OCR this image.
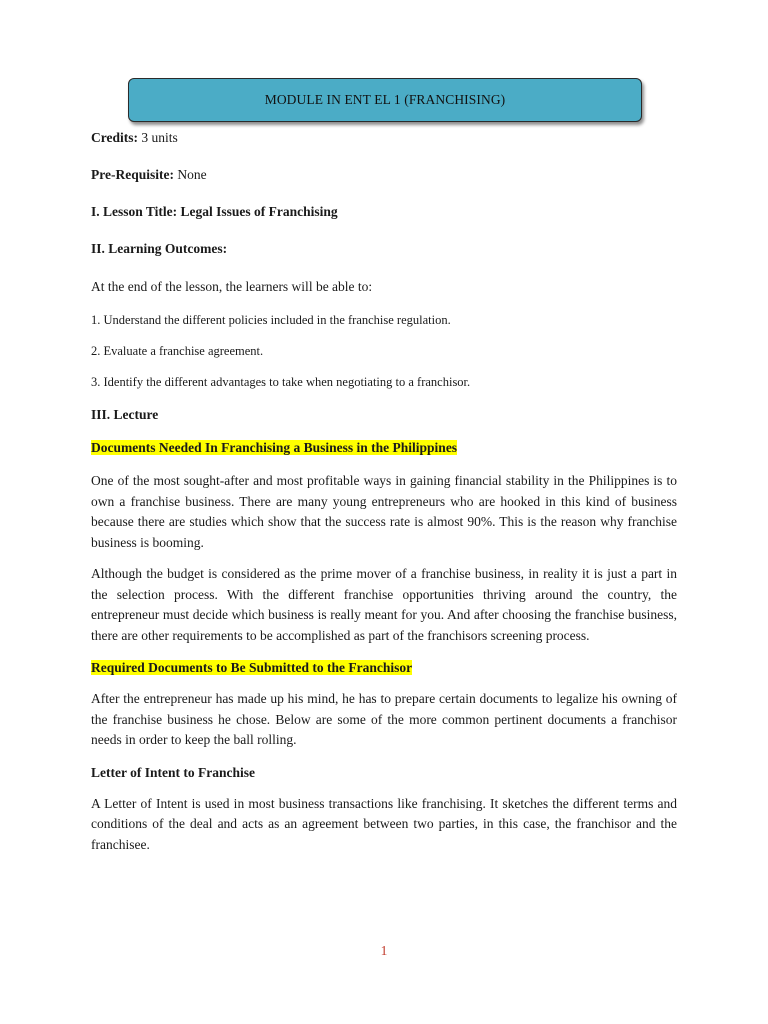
MODULE IN ENT EL 1 (FRANCHISING)
Credits: 3 units
Pre-Requisite: None
I. Lesson Title: Legal Issues of Franchising
II. Learning Outcomes:
At the end of the lesson, the learners will be able to:
1. Understand the different policies included in the franchise regulation.
2. Evaluate a franchise agreement.
3. Identify the different advantages to take when negotiating to a franchisor.
III. Lecture
Documents Needed In Franchising a Business in the Philippines

One of the most sought-after and most profitable ways in gaining financial stability in the Philippines is to own a franchise business. There are many young entrepreneurs who are hooked in this kind of business because there are studies which show that the success rate is almost 90%. This is the reason why franchise business is booming.

Although the budget is considered as the prime mover of a franchise business, in reality it is just a part in the selection process. With the different franchise opportunities thriving around the country, the entrepreneur must decide which business is really meant for you. And after choosing the franchise business, there are other requirements to be accomplished as part of the franchisors screening process.

Required Documents to Be Submitted to the Franchisor

After the entrepreneur has made up his mind, he has to prepare certain documents to legalize his owning of the franchise business he chose. Below are some of the more common pertinent documents a franchisor needs in order to keep the ball rolling.

Letter of Intent to Franchise

A Letter of Intent is used in most business transactions like franchising. It sketches the different terms and conditions of the deal and acts as an agreement between two parties, in this case, the franchisor and the franchisee.

1
